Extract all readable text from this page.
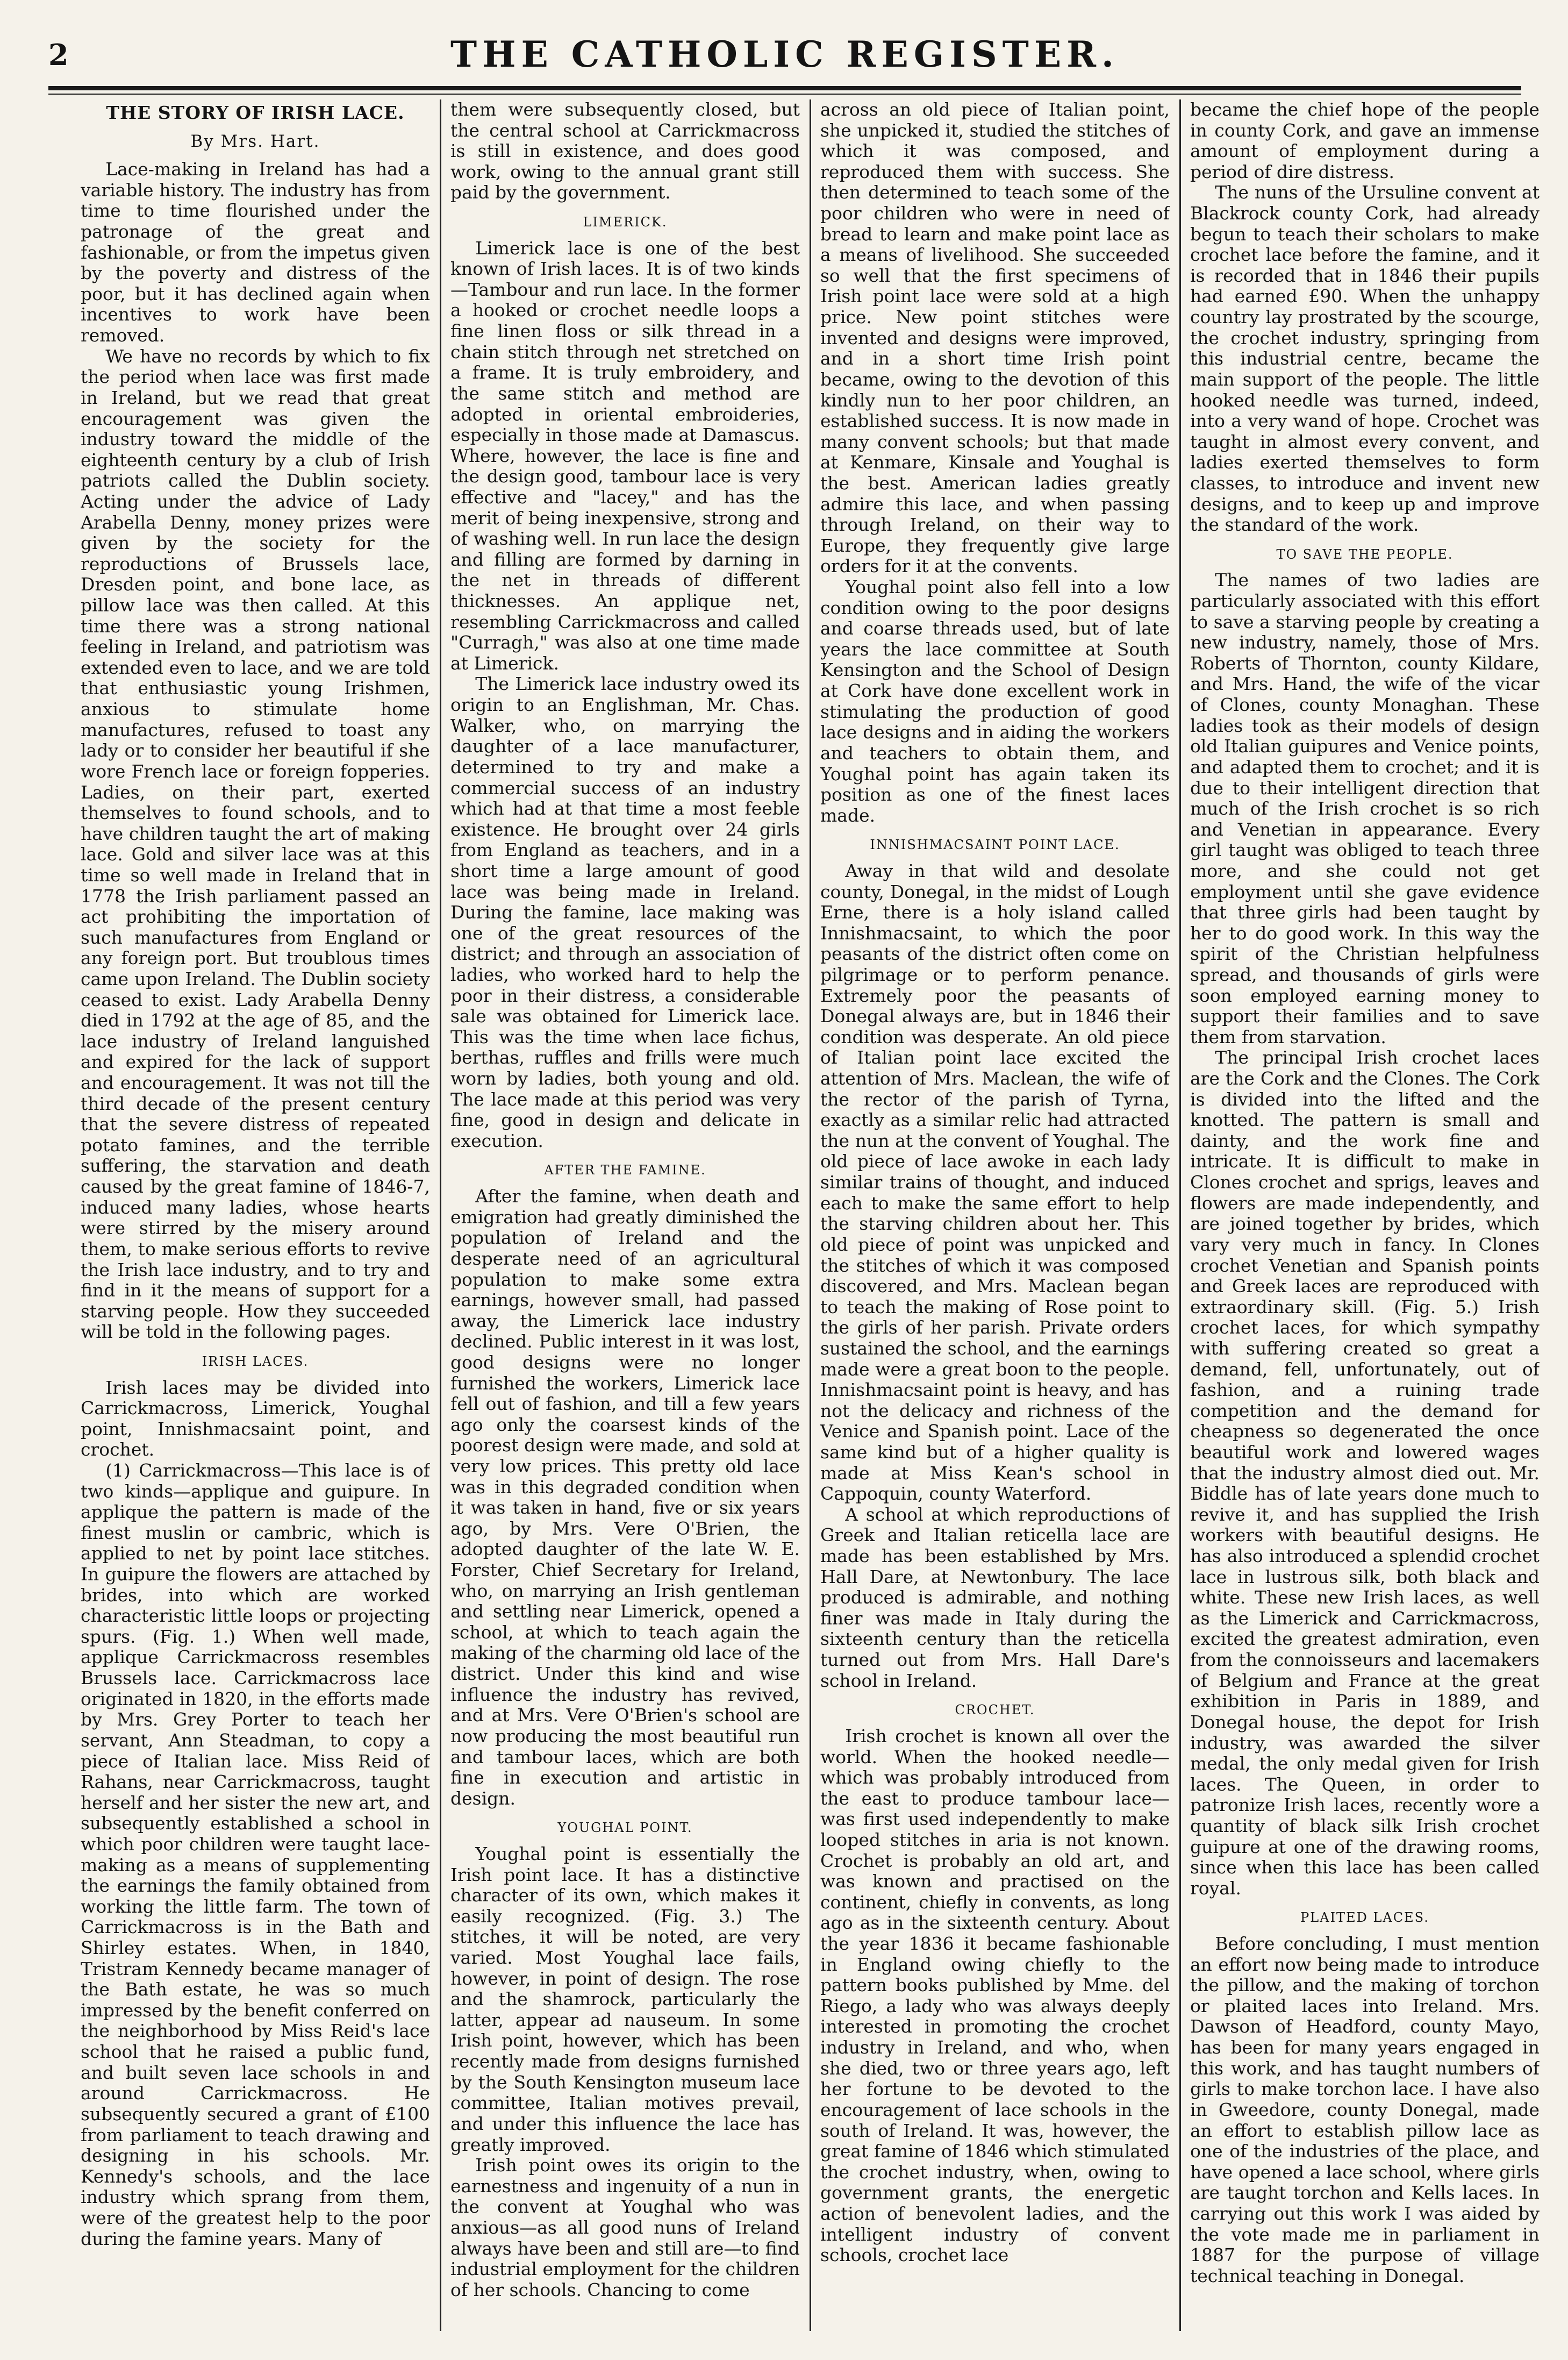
2	THE CATHOLIC REGISTER.
THE STORY OF IRISH LACE.
By Mrs. Hart.

Lace-making in Ireland has had a variable history. The industry has from time to time flourished under the patronage of the great and fashionable, or from the impetus given by the poverty and distress of the poor, but it has declined again when incentives to work have been removed.

We have no records by which to fix the period when lace was first made in Ireland, but we read that great encouragement was given the industry toward the middle of the eighteenth century by a club of Irish patriots called the Dublin society. Acting under the advice of Lady Arabella Denny, money prizes were given by the society for the reproductions of Brussels lace, Dresden point, and bone lace, as pillow lace was then called. At this time there was a strong national feeling in Ireland, and patriotism was extended even to lace, and we are told that enthusiastic young Irishmen, anxious to stimulate home manufactures, refused to toast any lady or to consider her beautiful if she wore French lace or foreign fopperies. Ladies, on their part, exerted themselves to found schools, and to have children taught the art of making lace. Gold and silver lace was at this time so well made in Ireland that in 1778 the Irish parliament passed an act prohibiting the importation of such manufactures from England or any foreign port. But troublous times came upon Ireland. The Dublin society ceased to exist. Lady Arabella Denny died in 1792 at the age of 85, and the lace industry of Ireland languished and expired for the lack of support and encouragement. It was not till the third decade of the present century that the severe distress of repeated potato famines, and the terrible suffering, the starvation and death caused by the great famine of 1846-7, induced many ladies, whose hearts were stirred by the misery around them, to make serious efforts to revive the Irish lace industry, and to try and find in it the means of support for a starving people. How they succeeded will be told in the following pages.

IRISH LACES.

Irish laces may be divided into Carrickmacross, Limerick, Youghal point, Innishmacsaint point, and crochet.

(1) Carrickmacross—This lace is of two kinds—applique and guipure. In applique the pattern is made of the finest muslin or cambric, which is applied to net by point lace stitches. In guipure the flowers are attached by brides, into which are worked characteristic little loops or projecting spurs. (Fig. 1.) When well made, applique Carrickmacross resembles Brussels lace. Carrickmacross lace originated in 1820, in the efforts made by Mrs. Grey Porter to teach her servant, Ann Steadman, to copy a piece of Italian lace. Miss Reid of Rahans, near Carrickmacross, taught herself and her sister the new art, and subsequently established a school in which poor children were taught lace-making as a means of supplementing the earnings the family obtained from working the little farm. The town of Carrickmacross is in the Bath and Shirley estates. When, in 1840, Tristram Kennedy became manager of the Bath estate, he was so much impressed by the benefit conferred on the neighborhood by Miss Reid's lace school that he raised a public fund, and built seven lace schools in and around Carrickmacross. He subsequently secured a grant of £100 from parliament to teach drawing and designing in his schools. Mr. Kennedy's schools, and the lace industry which sprang from them, were of the greatest help to the poor during the famine years. Many of

them were subsequently closed, but the central school at Carrickmacross is still in existence, and does good work, owing to the annual grant still paid by the government.

LIMERICK.

Limerick lace is one of the best known of Irish laces. It is of two kinds—Tambour and run lace. In the former a hooked or crochet needle loops a fine linen floss or silk thread in a chain stitch through net stretched on a frame. It is truly embroidery, and the same stitch and method are adopted in oriental embroideries, especially in those made at Damascus. Where, however, the lace is fine and the design good, tambour lace is very effective and "lacey," and has the merit of being inexpensive, strong and of washing well. In run lace the design and filling are formed by darning in the net in threads of different thicknesses. An applique net, resembling Carrickmacross and called "Curragh," was also at one time made at Limerick.

The Limerick lace industry owed its origin to an Englishman, Mr. Chas. Walker, who, on marrying the daughter of a lace manufacturer, determined to try and make a commercial success of an industry which had at that time a most feeble existence. He brought over 24 girls from England as teachers, and in a short time a large amount of good lace was being made in Ireland. During the famine, lace making was one of the great resources of the district; and through an association of ladies, who worked hard to help the poor in their distress, a considerable sale was obtained for Limerick lace. This was the time when lace fichus, berthas, ruffles and frills were much worn by ladies, both young and old. The lace made at this period was very fine, good in design and delicate in execution.

AFTER THE FAMINE.

After the famine, when death and emigration had greatly diminished the population of Ireland and the desperate need of an agricultural population to make some extra earnings, however small, had passed away, the Limerick lace industry declined. Public interest in it was lost, good designs were no longer furnished the workers, Limerick lace fell out of fashion, and till a few years ago only the coarsest kinds of the poorest design were made, and sold at very low prices. This pretty old lace was in this degraded condition when it was taken in hand, five or six years ago, by Mrs. Vere O'Brien, the adopted daughter of the late W. E. Forster, Chief Secretary for Ireland, who, on marrying an Irish gentleman and settling near Limerick, opened a school, at which to teach again the making of the charming old lace of the district. Under this kind and wise influence the industry has revived, and at Mrs. Vere O'Brien's school are now producing the most beautiful run and tambour laces, which are both fine in execution and artistic in design.

YOUGHAL POINT.

Youghal point is essentially the Irish point lace. It has a distinctive character of its own, which makes it easily recognized. (Fig. 3.) The stitches, it will be noted, are very varied. Most Youghal lace fails, however, in point of design. The rose and the shamrock, particularly the latter, appear ad nauseum. In some Irish point, however, which has been recently made from designs furnished by the South Kensington museum lace committee, Italian motives prevail, and under this influence the lace has greatly improved.

Irish point owes its origin to the earnestness and ingenuity of a nun in the convent at Youghal who was anxious—as all good nuns of Ireland always have been and still are—to find industrial employment for the children of her schools. Chancing to come

across an old piece of Italian point, she unpicked it, studied the stitches of which it was composed, and reproduced them with success. She then determined to teach some of the poor children who were in need of bread to learn and make point lace as a means of livelihood. She succeeded so well that the first specimens of Irish point lace were sold at a high price. New point stitches were invented and designs were improved, and in a short time Irish point became, owing to the devotion of this kindly nun to her poor children, an established success. It is now made in many convent schools; but that made at Kenmare, Kinsale and Youghal is the best. American ladies greatly admire this lace, and when passing through Ireland, on their way to Europe, they frequently give large orders for it at the convents.

Youghal point also fell into a low condition owing to the poor designs and coarse threads used, but of late years the lace committee at South Kensington and the School of Design at Cork have done excellent work in stimulating the production of good lace designs and in aiding the workers and teachers to obtain them, and Youghal point has again taken its position as one of the finest laces made.

INNISHMACSAINT POINT LACE.

Away in that wild and desolate county, Donegal, in the midst of Lough Erne, there is a holy island called Innishmacsaint, to which the poor peasants of the district often come on pilgrimage or to perform penance. Extremely poor the peasants of Donegal always are, but in 1846 their condition was desperate. An old piece of Italian point lace excited the attention of Mrs. Maclean, the wife of the rector of the parish of Tyrna, exactly as a similar relic had attracted the nun at the convent of Youghal. The old piece of lace awoke in each lady similar trains of thought, and induced each to make the same effort to help the starving children about her. This old piece of point was unpicked and the stitches of which it was composed discovered, and Mrs. Maclean began to teach the making of Rose point to the girls of her parish. Private orders sustained the school, and the earnings made were a great boon to the people. Innishmacsaint point is heavy, and has not the delicacy and richness of the Venice and Spanish point. Lace of the same kind but of a higher quality is made at Miss Kean's school in Cappoquin, county Waterford.

A school at which reproductions of Greek and Italian reticella lace are made has been established by Mrs. Hall Dare, at Newtonbury. The lace produced is admirable, and nothing finer was made in Italy during the sixteenth century than the reticella turned out from Mrs. Hall Dare's school in Ireland.

CROCHET.

Irish crochet is known all over the world. When the hooked needle—which was probably introduced from the east to produce tambour lace—was first used independently to make looped stitches in aria is not known. Crochet is probably an old art, and was known and practised on the continent, chiefly in convents, as long ago as in the sixteenth century. About the year 1836 it became fashionable in England owing chiefly to the pattern books published by Mme. del Riego, a lady who was always deeply interested in promoting the crochet industry in Ireland, and who, when she died, two or three years ago, left her fortune to be devoted to the encouragement of lace schools in the south of Ireland. It was, however, the great famine of 1846 which stimulated the crochet industry, when, owing to government grants, the energetic action of benevolent ladies, and the intelligent industry of convent schools, crochet lace

became the chief hope of the people in county Cork, and gave an immense amount of employment during a period of dire distress.

The nuns of the Ursuline convent at Blackrock county Cork, had already begun to teach their scholars to make crochet lace before the famine, and it is recorded that in 1846 their pupils had earned £90. When the unhappy country lay prostrated by the scourge, the crochet industry, springing from this industrial centre, became the main support of the people. The little hooked needle was turned, indeed, into a very wand of hope. Crochet was taught in almost every convent, and ladies exerted themselves to form classes, to introduce and invent new designs, and to keep up and improve the standard of the work.

TO SAVE THE PEOPLE.

The names of two ladies are particularly associated with this effort to save a starving people by creating a new industry, namely, those of Mrs. Roberts of Thornton, county Kildare, and Mrs. Hand, the wife of the vicar of Clones, county Monaghan. These ladies took as their models of design old Italian guipures and Venice points, and adapted them to crochet; and it is due to their intelligent direction that much of the Irish crochet is so rich and Venetian in appearance. Every girl taught was obliged to teach three more, and she could not get employment until she gave evidence that three girls had been taught by her to do good work. In this way the spirit of the Christian helpfulness spread, and thousands of girls were soon employed earning money to support their families and to save them from starvation.

The principal Irish crochet laces are the Cork and the Clones. The Cork is divided into the lifted and the knotted. The pattern is small and dainty, and the work fine and intricate. It is difficult to make in Clones crochet and sprigs, leaves and flowers are made independently, and are joined together by brides, which vary very much in fancy. In Clones crochet Venetian and Spanish points and Greek laces are reproduced with extraordinary skill. (Fig. 5.) Irish crochet laces, for which sympathy with suffering created so great a demand, fell, unfortunately, out of fashion, and a ruining trade competition and the demand for cheapness so degenerated the once beautiful work and lowered wages that the industry almost died out. Mr. Biddle has of late years done much to revive it, and has supplied the Irish workers with beautiful designs. He has also introduced a splendid crochet lace in lustrous silk, both black and white. These new Irish laces, as well as the Limerick and Carrickmacross, excited the greatest admiration, even from the connoisseurs and lacemakers of Belgium and France at the great exhibition in Paris in 1889, and Donegal house, the depot for Irish industry, was awarded the silver medal, the only medal given for Irish laces. The Queen, in order to patronize Irish laces, recently wore a quantity of black silk Irish crochet guipure at one of the drawing rooms, since when this lace has been called royal.

PLAITED LACES.

Before concluding, I must mention an effort now being made to introduce the pillow, and the making of torchon or plaited laces into Ireland. Mrs. Dawson of Headford, county Mayo, has been for many years engaged in this work, and has taught numbers of girls to make torchon lace. I have also in Gweedore, county Donegal, made an effort to establish pillow lace as one of the industries of the place, and have opened a lace school, where girls are taught torchon and Kells laces. In carrying out this work I was aided by the vote made me in parliament in 1887 for the purpose of village technical teaching in Donegal.
